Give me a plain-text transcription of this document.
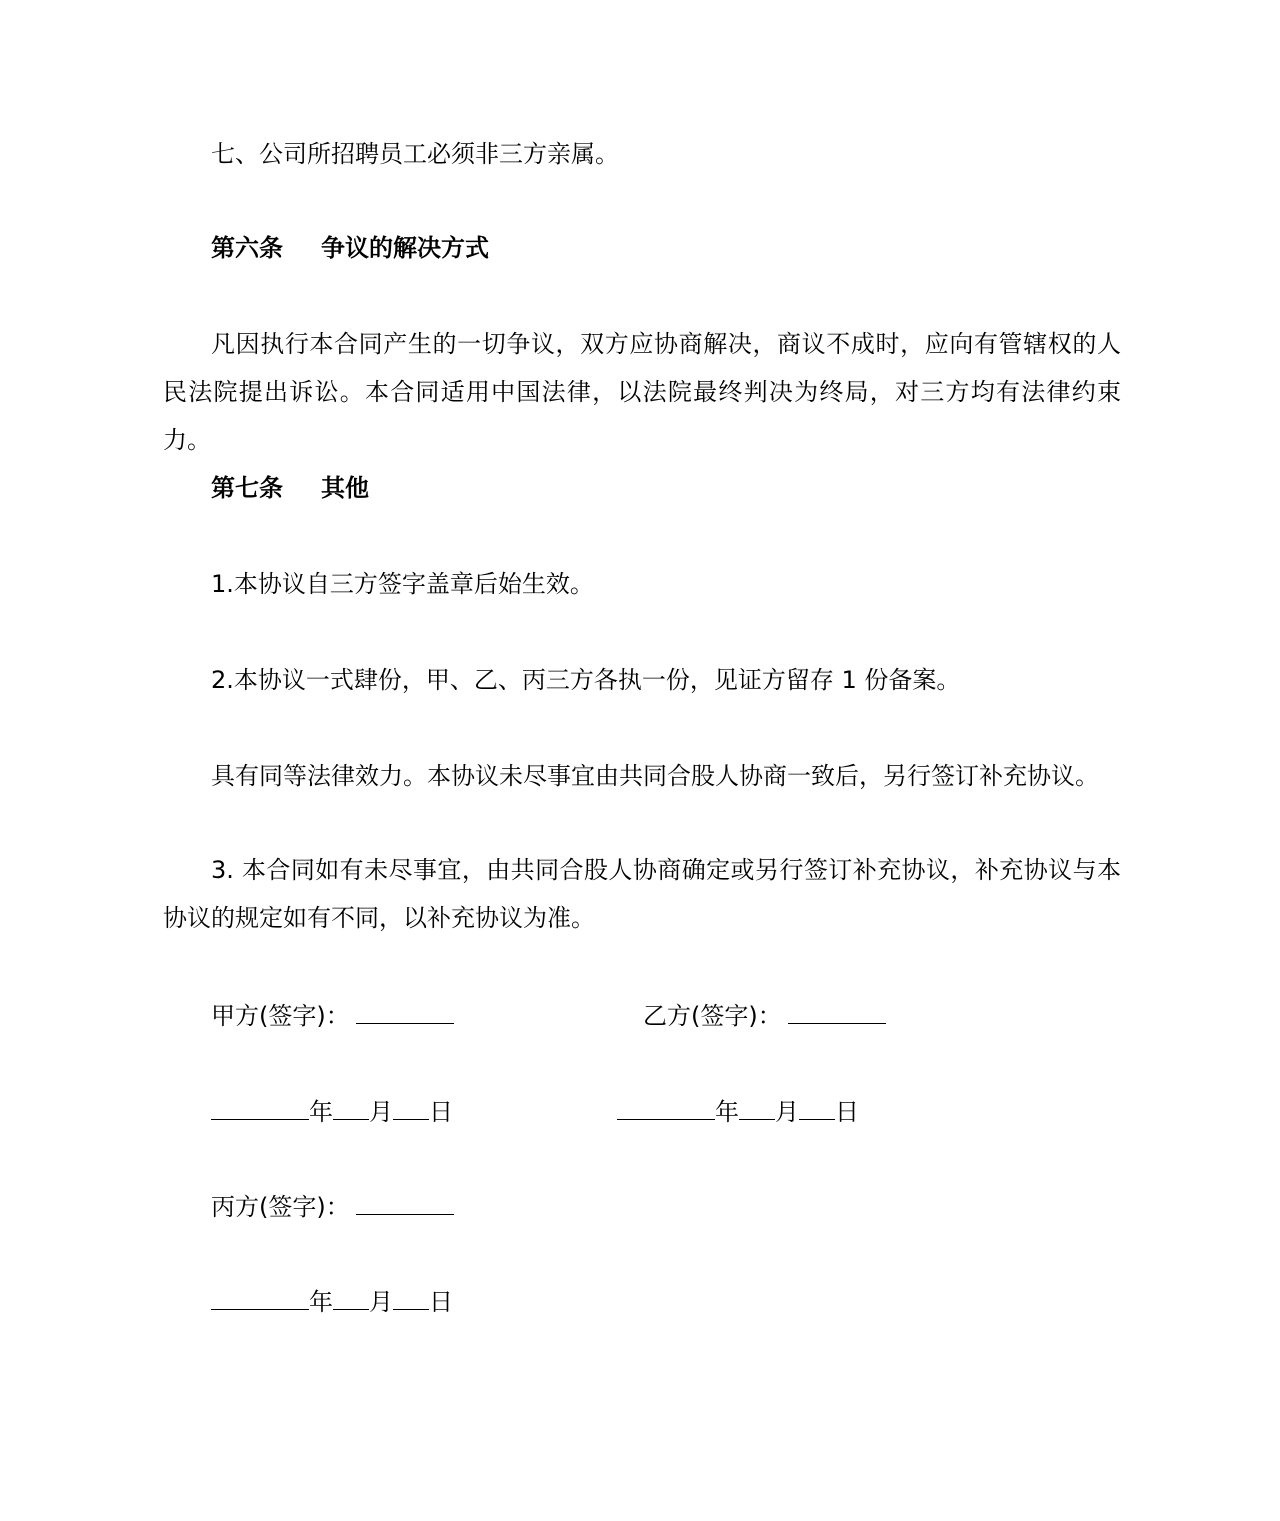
七、公司所招聘员工必须非三方亲属。
第六条 争议的解决方式
凡因执行本合同产生的一切争议，双方应协商解决，商议不成时，应向有管辖权的人民法院提出诉讼。本合同适用中国法律，以法院最终判决为终局，对三方均有法律约束力。
第七条 其他
1.本协议自三方签字盖章后始生效。
2.本协议一式肆份，甲、乙、丙三方各执一份，见证方留存 1 份备案。
具有同等法律效力。本协议未尽事宜由共同合股人协商一致后，另行签订补充协议。
3. 本合同如有未尽事宜，由共同合股人协商确定或另行签订补充协议，补充协议与本协议的规定如有不同，以补充协议为准。
甲方(签字)：	乙方(签字)：
年 月 日	年 月 日
丙方(签字)：
年 月 日
